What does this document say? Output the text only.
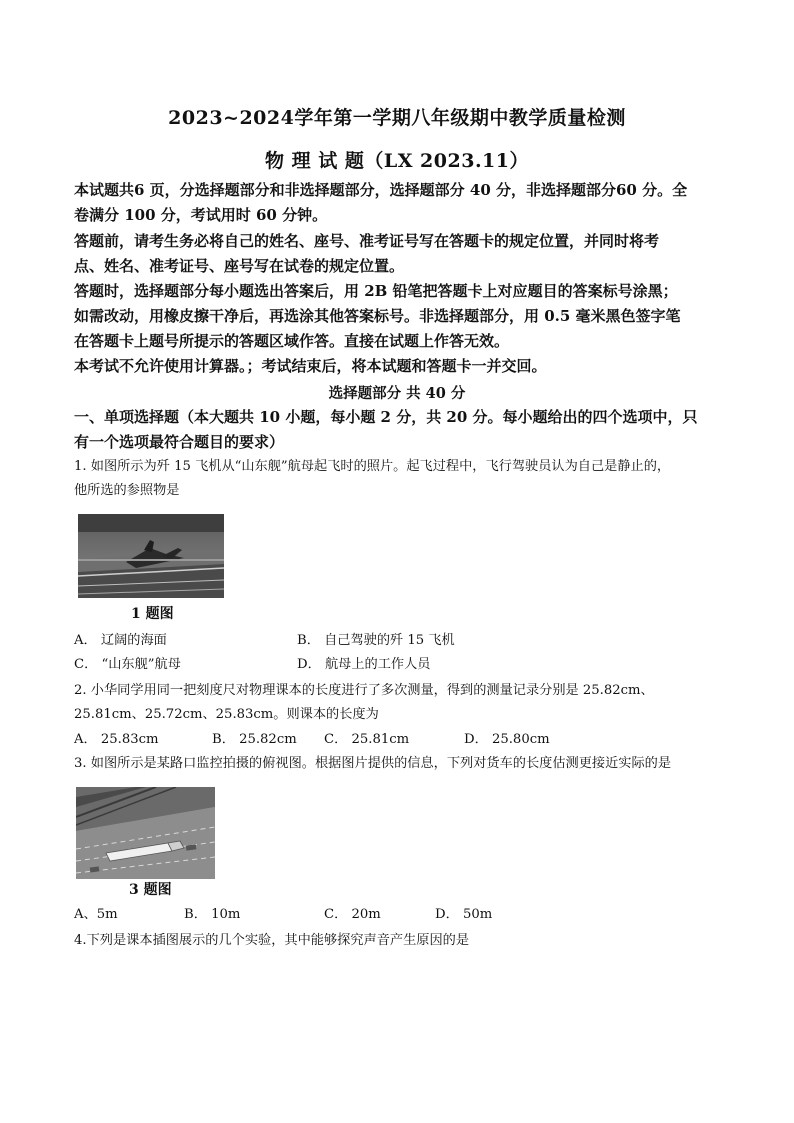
2023~2024学年第一学期八年级期中教学质量检测
物 理 试 题（LX 2023.11）
本试题共6 页，分选择题部分和非选择题部分，选择题部分 40 分，非选择题部分60 分。全
卷满分 100 分，考试用时 60 分钟。
答题前，请考生务必将自己的姓名、座号、准考证号写在答题卡的规定位置，并同时将考
点、姓名、准考证号、座号写在试卷的规定位置。
答题时，选择题部分每小题选出答案后，用 2B 铅笔把答题卡上对应题目的答案标号涂黑；
如需改动，用橡皮擦干净后，再选涂其他答案标号。非选择题部分，用 0.5 毫米黑色签字笔
在答题卡上题号所提示的答题区域作答。直接在试题上作答无效。
本考试不允许使用计算器。；考试结束后，将本试题和答题卡一并交回。
选择题部分 共 40 分
一、单项选择题（本大题共 10 小题，每小题 2 分，共 20 分。每小题给出的四个选项中，只
有一个选项最符合题目的要求）
1. 如图所示为歼 15 飞机从“山东舰”航母起飞时的照片。起飞过程中，飞行驾驶员认为自己是静止的，
他所选的参照物是
1 题图
A． 辽阔的海面	B． 自己驾驶的歼 15 飞机
C． “山东舰”航母	D． 航母上的工作人员
2. 小华同学用同一把刻度尺对物理课本的长度进行了多次测量，得到的测量记录分别是 25.82cm、
25.81cm、25.72cm、25.83cm。则课本的长度为
A． 25.83cm	B． 25.82cm C． 25.81cm	D． 25.80cm
3. 如图所示是某路口监控拍摄的俯视图。根据图片提供的信息，下列对货车的长度估测更接近实际的是
3 题图
A、5m	B． 10m	C． 20m	D． 50m
4.下列是课本插图展示的几个实验，其中能够探究声音产生原因的是
